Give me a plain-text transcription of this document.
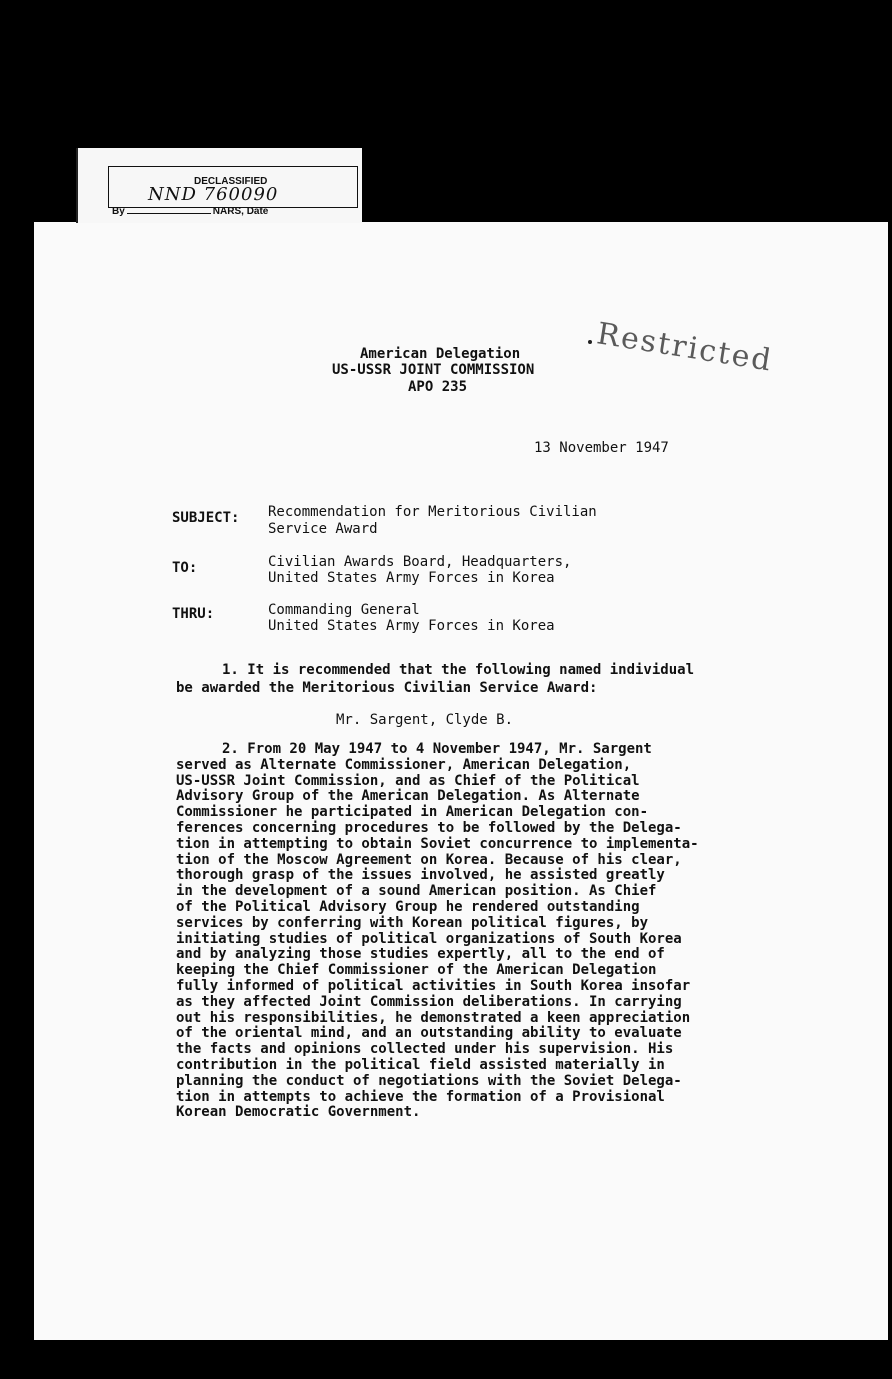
DECLASSIFIED
NND 760090
By	NARS, Date
Restricted
American Delegation
US-USSR JOINT COMMISSION
APO 235
13 November 1947
SUBJECT: Recommendation for Meritorious Civilian
Service Award
TO:	Civilian Awards Board, Headquarters,
United States Army Forces in Korea
THRU:	Commanding General
United States Army Forces in Korea
1. It is recommended that the following named individual
be awarded the Meritorious Civilian Service Award:
Mr. Sargent, Clyde B.
2. From 20 May 1947 to 4 November 1947, Mr. Sargent
served as Alternate Commissioner, American Delegation,
US-USSR Joint Commission, and as Chief of the Political
Advisory Group of the American Delegation. As Alternate
Commissioner he participated in American Delegation con-
ferences concerning procedures to be followed by the Delega-
tion in attempting to obtain Soviet concurrence to implementa-
tion of the Moscow Agreement on Korea. Because of his clear,
thorough grasp of the issues involved, he assisted greatly
in the development of a sound American position. As Chief
of the Political Advisory Group he rendered outstanding
services by conferring with Korean political figures, by
initiating studies of political organizations of South Korea
and by analyzing those studies expertly, all to the end of
keeping the Chief Commissioner of the American Delegation
fully informed of political activities in South Korea insofar
as they affected Joint Commission deliberations. In carrying
out his responsibilities, he demonstrated a keen appreciation
of the oriental mind, and an outstanding ability to evaluate
the facts and opinions collected under his supervision. His
contribution in the political field assisted materially in
planning the conduct of negotiations with the Soviet Delega-
tion in attempts to achieve the formation of a Provisional
Korean Democratic Government.
